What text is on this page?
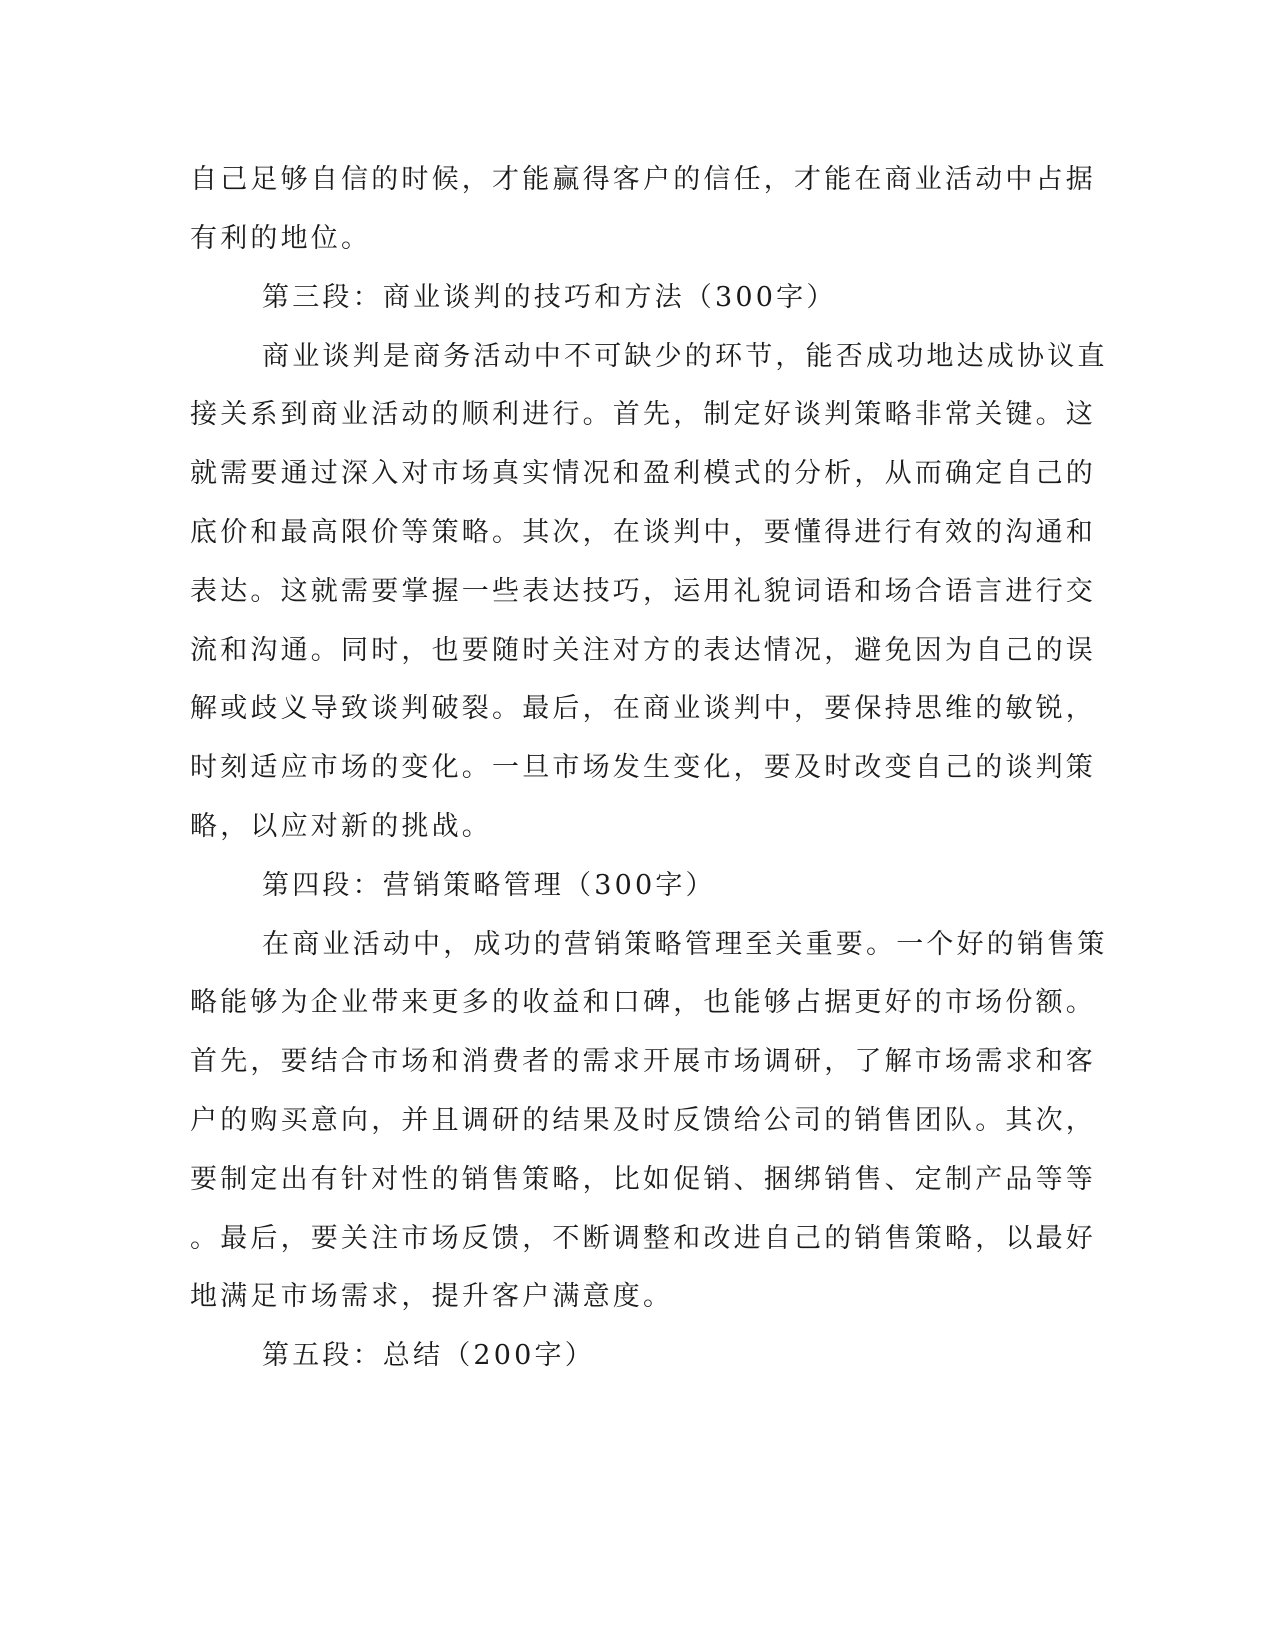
自己足够自信的时候，才能赢得客户的信任，才能在商业活动中占据
有利的地位。
第三段：商业谈判的技巧和方法（300字）
商业谈判是商务活动中不可缺少的环节，能否成功地达成协议直
接关系到商业活动的顺利进行。首先，制定好谈判策略非常关键。这
就需要通过深入对市场真实情况和盈利模式的分析，从而确定自己的
底价和最高限价等策略。其次，在谈判中，要懂得进行有效的沟通和
表达。这就需要掌握一些表达技巧，运用礼貌词语和场合语言进行交
流和沟通。同时，也要随时关注对方的表达情况，避免因为自己的误
解或歧义导致谈判破裂。最后，在商业谈判中，要保持思维的敏锐，
时刻适应市场的变化。一旦市场发生变化，要及时改变自己的谈判策
略，以应对新的挑战。
第四段：营销策略管理（300字）
在商业活动中，成功的营销策略管理至关重要。一个好的销售策
略能够为企业带来更多的收益和口碑，也能够占据更好的市场份额。
首先，要结合市场和消费者的需求开展市场调研，了解市场需求和客
户的购买意向，并且调研的结果及时反馈给公司的销售团队。其次，
要制定出有针对性的销售策略，比如促销、捆绑销售、定制产品等等
。最后，要关注市场反馈，不断调整和改进自己的销售策略，以最好
地满足市场需求，提升客户满意度。
第五段：总结（200字）
